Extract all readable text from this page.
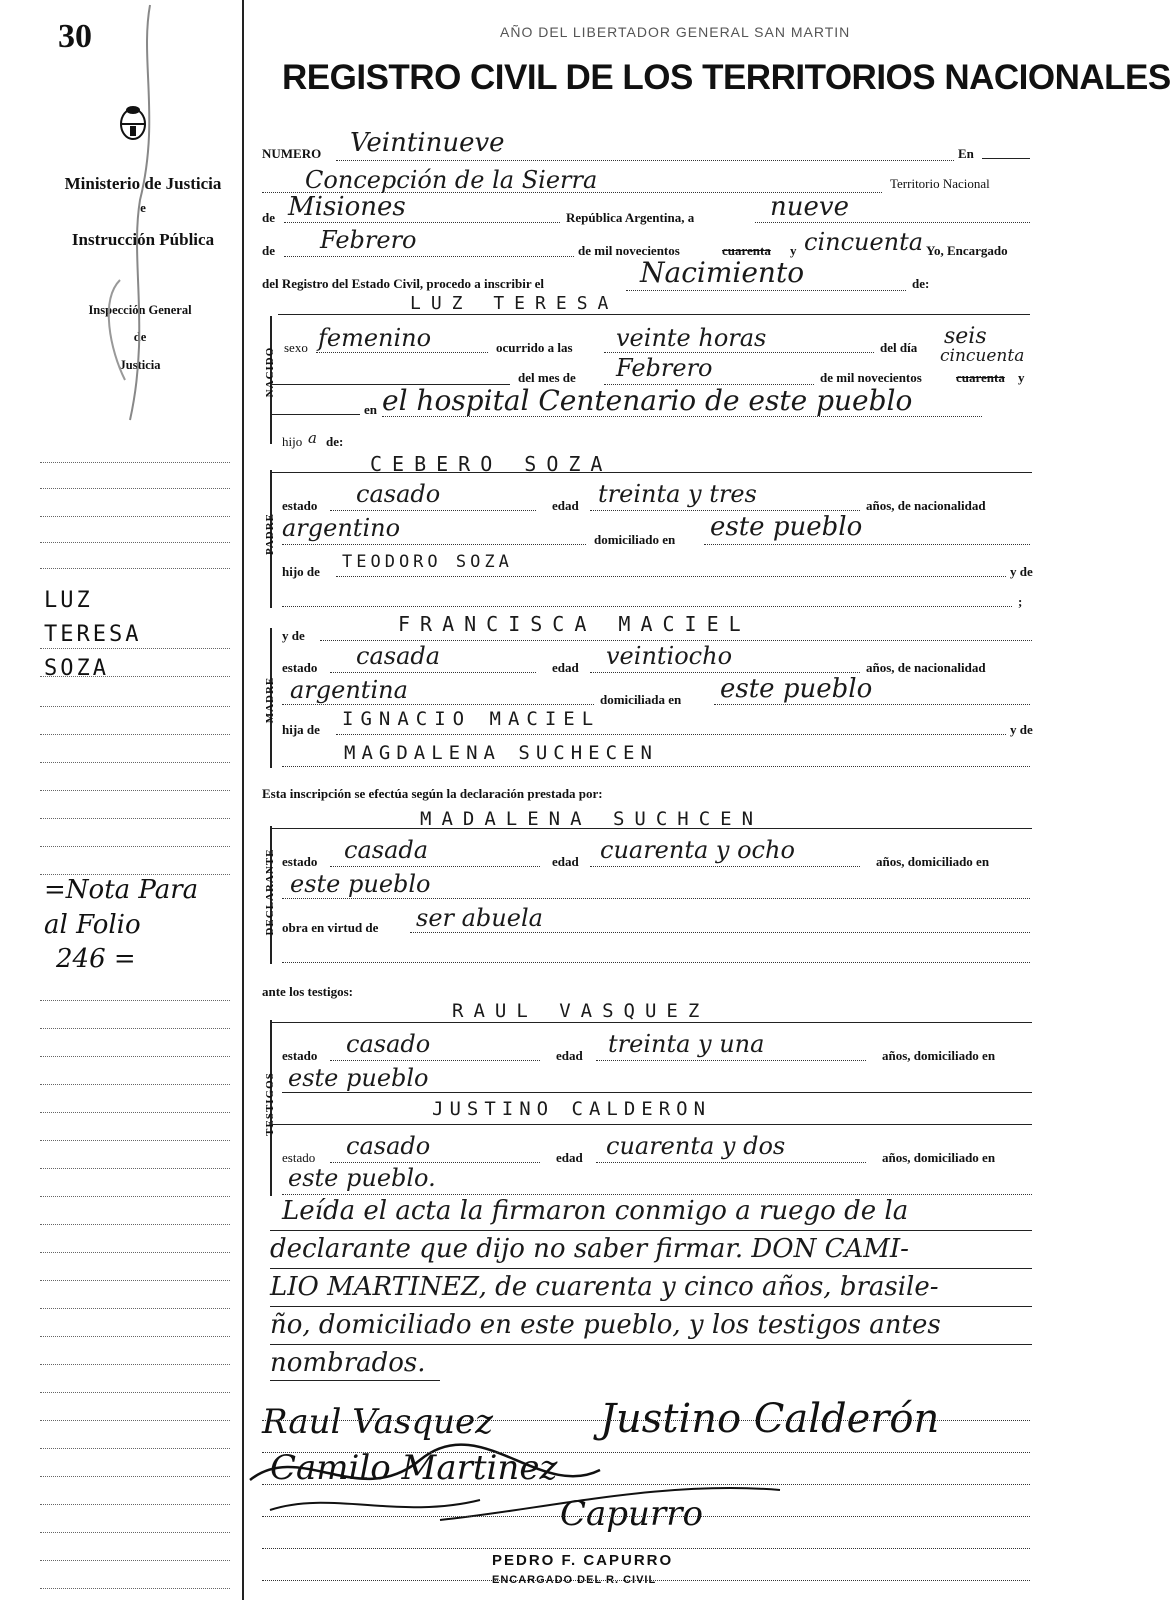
30
Ministerio de Justicia
e
Instrucción Pública
Inspección General
de
Justicia
LUZ
TERESA
SOZA
=Nota Para
al Folio
246 =
AÑO DEL LIBERTADOR GENERAL SAN MARTIN
REGISTRO CIVIL DE LOS TERRITORIOS NACIONALES
NUMERO Veintinueve	En
Concepción de la Sierra	Territorio Nacional
de Misiones	República Argentina, a	nueve
de Febrero	de mil novecientos	cuarenta y cincuenta Yo, Encargado
del Registro del Estado Civil, procedo a inscribir el	Nacimiento	de:
LUZ TERESA
NACIDO sexo femenino	ocurrido a las veinte horas	del día seis
cincuenta
del mes de Febrero	de mil novecientos	cuarenta y
en el hospital Centenario de este pueblo
hijo a de:
PADRE
CEBERO SOZA
estado casado	edad treinta y tres	años, de nacionalidad
argentino	domiciliado en este pueblo
hijo de TEODORO SOZA	y de
;
MADRE
y de	FRANCISCA MACIEL
estado casada	edad veintiocho	años, de nacionalidad
argentina	domiciliada en este pueblo
hija de IGNACIO MACIEL	y de
MAGDALENA SUCHECEN
Esta inscripción se efectúa según la declaración prestada por:
DECLARANTE
MADALENA SUCHCEN
estado casada	edad cuarenta y ocho	años, domiciliado en
este pueblo
obra en virtud de ser abuela
ante los testigos:
TESTIGOS
RAUL VASQUEZ
estado casado	edad treinta y una	años, domiciliado en
este pueblo
JUSTINO CALDERON
estado casado	edad cuarenta y dos	años, domiciliado en
este pueblo.
Leída el acta la firmaron conmigo a ruego de la
declarante que dijo no saber firmar. DON CAMI-
LIO MARTINEZ, de cuarenta y cinco años, brasile-
ño, domiciliado en este pueblo, y los testigos antes
nombrados.
Raul Vasquez	Justino Calderón
Camilo Martinez
Capurro
PEDRO F. CAPURRO
ENCARGADO DEL R. CIVIL
